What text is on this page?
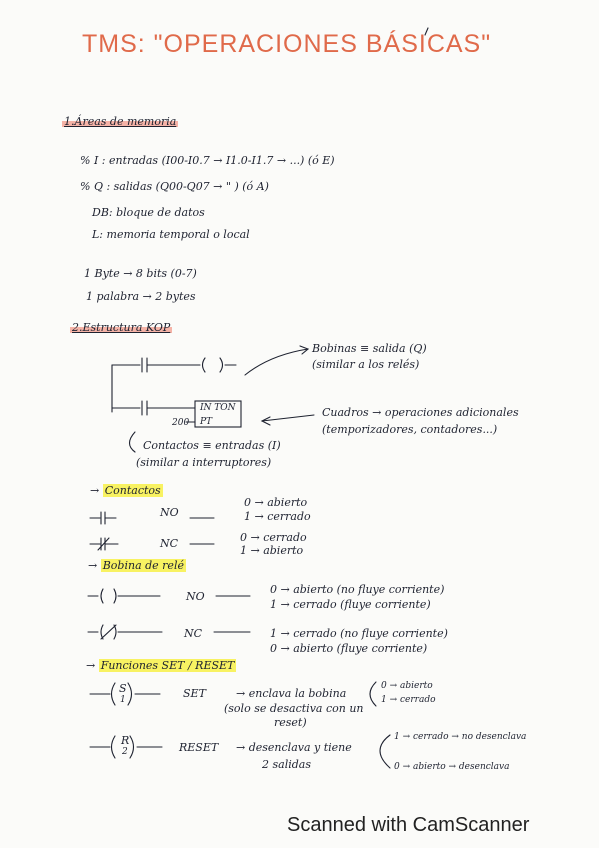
TMS: "OPERACIONES BÁSICAS"
1.Áreas de memoria
% I : entradas (I00-I0.7 → I1.0-I1.7 → ...) (ó E)
% Q : salidas (Q00-Q07 → " ) (ó A)
DB: bloque de datos
L: memoria temporal o local
1 Byte → 8 bits (0-7)
1 palabra → 2 bytes
2.Estructura KOP
Bobinas ≡ salida (Q)
(similar a los relés)
IN TON
PT
200
Cuadros → operaciones adicionales
(temporizadores, contadores...)
Contactos ≡ entradas (I)
(similar a interruptores)
→ Contactos
NO
0 → abierto
1 → cerrado
NC	0 → cerrado
1 → abierto
→ Bobina de relé
NO
0 → abierto (no fluye corriente)
1 → cerrado (fluye corriente)
NC	1 → cerrado (no fluye corriente)
0 → abierto (fluye corriente)
→ Funciones SET / RESET
S
1	SET	→ enclava la bobina
(solo se desactiva con un
reset)
0 → abierto
1 → cerrado
R
2	RESET → desenclava y tiene
2 salidas
1 → cerrado → no desenclava
0 → abierto → desenclava
Scanned with CamScanner
